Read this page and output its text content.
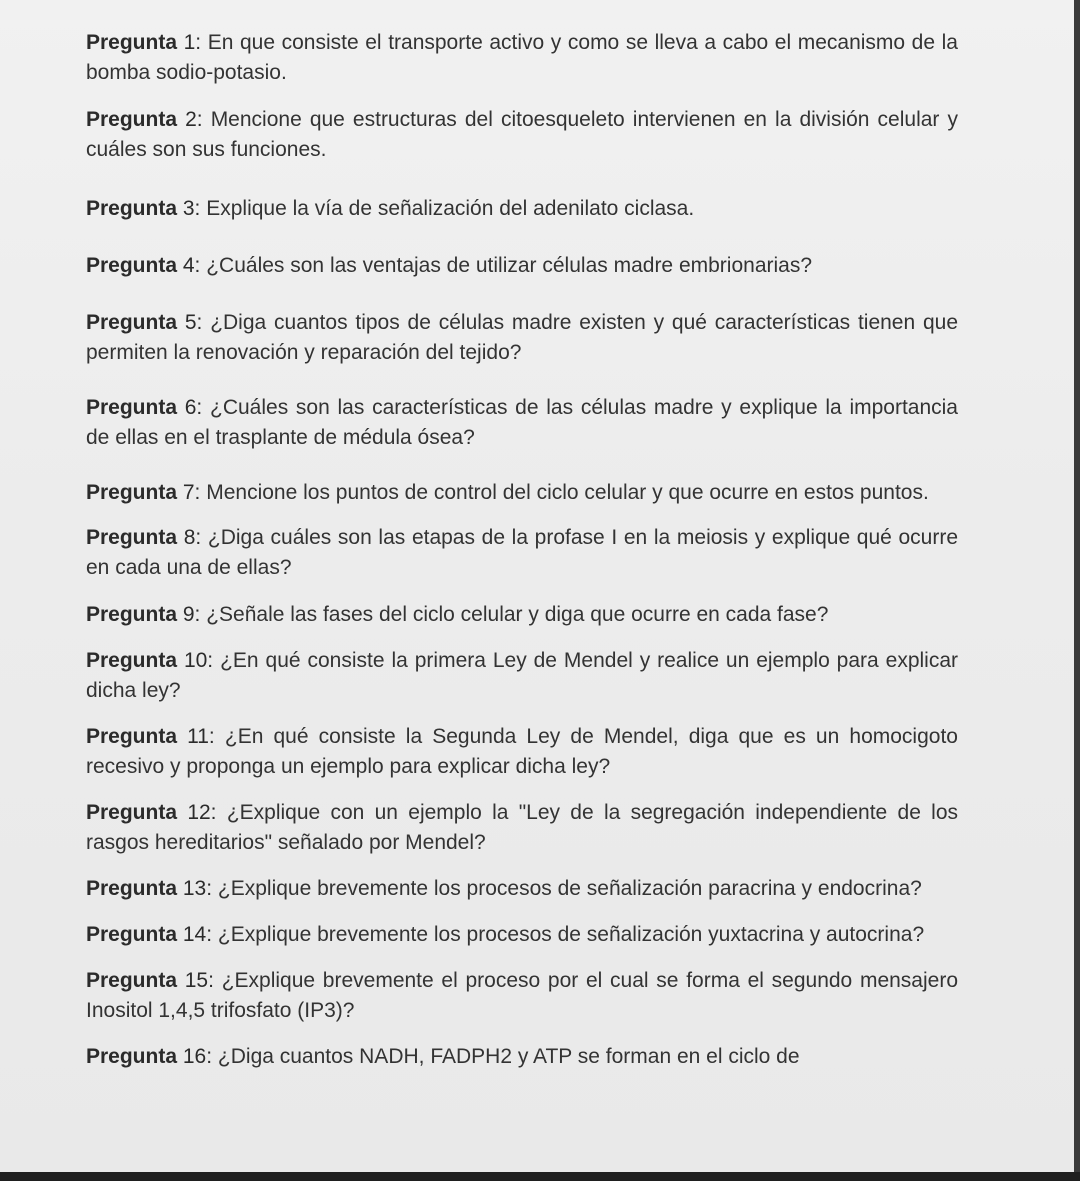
Pregunta 1: En que consiste el transporte activo y como se lleva a cabo el mecanismo de la bomba sodio-potasio.

Pregunta 2: Mencione que estructuras del citoesqueleto intervienen en la división celular y cuáles son sus funciones.

Pregunta 3: Explique la vía de señalización del adenilato ciclasa.

Pregunta 4: ¿Cuáles son las ventajas de utilizar células madre embrionarias?

Pregunta 5: ¿Diga cuantos tipos de células madre existen y qué características tienen que permiten la renovación y reparación del tejido?

Pregunta 6: ¿Cuáles son las características de las células madre y explique la importancia de ellas en el trasplante de médula ósea?

Pregunta 7: Mencione los puntos de control del ciclo celular y que ocurre en estos puntos.

Pregunta 8: ¿Diga cuáles son las etapas de la profase I en la meiosis y explique qué ocurre en cada una de ellas?

Pregunta 9: ¿Señale las fases del ciclo celular y diga que ocurre en cada fase?

Pregunta 10: ¿En qué consiste la primera Ley de Mendel y realice un ejemplo para explicar dicha ley?

Pregunta 11: ¿En qué consiste la Segunda Ley de Mendel, diga que es un homocigoto recesivo y proponga un ejemplo para explicar dicha ley?

Pregunta 12: ¿Explique con un ejemplo la "Ley de la segregación independiente de los rasgos hereditarios" señalado por Mendel?

Pregunta 13: ¿Explique brevemente los procesos de señalización paracrina y endocrina?

Pregunta 14: ¿Explique brevemente los procesos de señalización yuxtacrina y autocrina?

Pregunta 15: ¿Explique brevemente el proceso por el cual se forma el segundo mensajero Inositol 1,4,5 trifosfato (IP3)?

Pregunta 16: ¿Diga cuantos NADH, FADPH2 y ATP se forman en el ciclo de
